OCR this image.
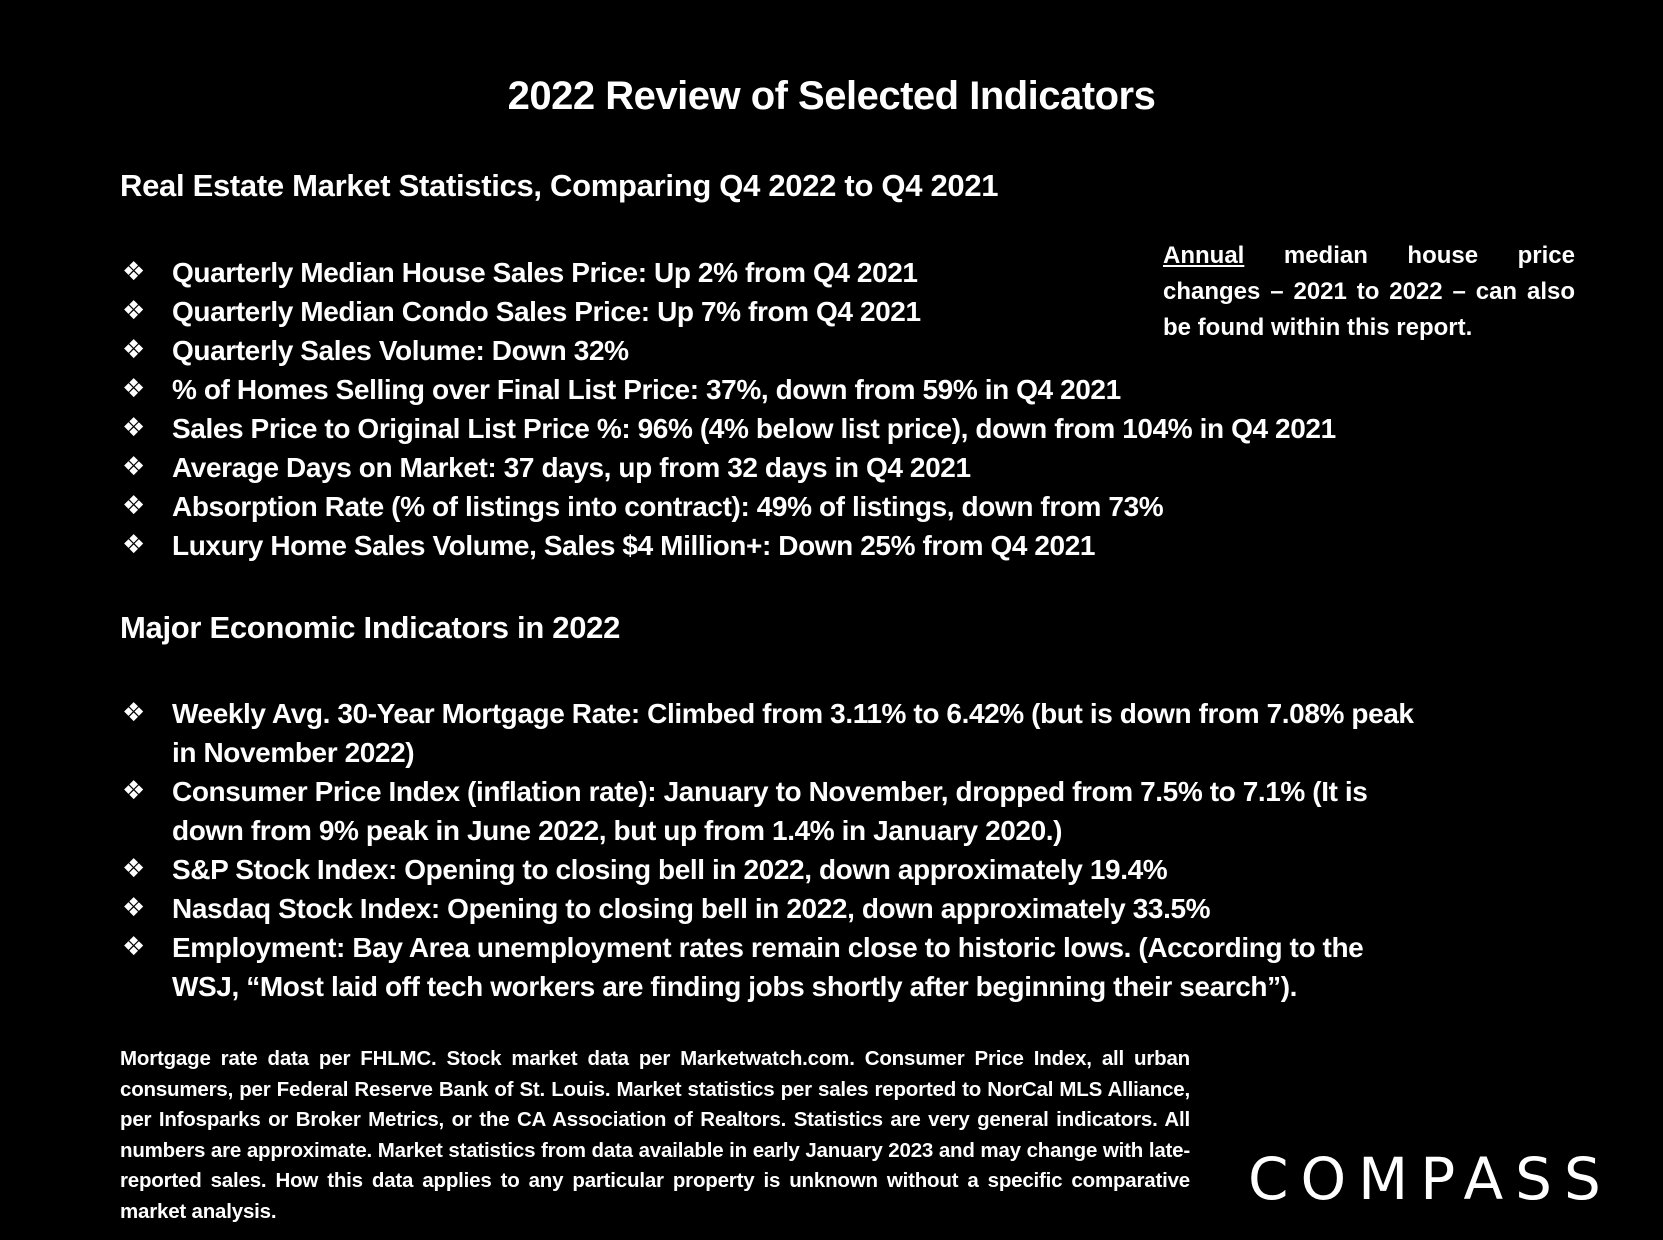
2022 Review of Selected Indicators
Real Estate Market Statistics, Comparing Q4 2022 to Q4 2021
❖ Quarterly Median House Sales Price: Up 2% from Q4 2021
❖ Quarterly Median Condo Sales Price: Up 7% from Q4 2021
❖ Quarterly Sales Volume: Down 32%
❖ % of Homes Selling over Final List Price: 37%, down from 59% in Q4 2021
❖ Sales Price to Original List Price %: 96% (4% below list price), down from 104% in Q4 2021
❖ Average Days on Market: 37 days, up from 32 days in Q4 2021
❖ Absorption Rate (% of listings into contract): 49% of listings, down from 73%
❖ Luxury Home Sales Volume, Sales $4 Million+: Down 25% from Q4 2021
Annual median house price changes – 2021 to 2022 – can also be found within this report.
Major Economic Indicators in 2022
❖ Weekly Avg. 30-Year Mortgage Rate: Climbed from 3.11% to 6.42% (but is down from 7.08% peak in November 2022)
❖ Consumer Price Index (inflation rate): January to November, dropped from 7.5% to 7.1% (It is down from 9% peak in June 2022, but up from 1.4% in January 2020.)
❖ S&P Stock Index: Opening to closing bell in 2022, down approximately 19.4%
❖ Nasdaq Stock Index: Opening to closing bell in 2022, down approximately 33.5%
❖ Employment: Bay Area unemployment rates remain close to historic lows. (According to the WSJ, “Most laid off tech workers are finding jobs shortly after beginning their search”).
Mortgage rate data per FHLMC. Stock market data per Marketwatch.com. Consumer Price Index, all urban consumers, per Federal Reserve Bank of St. Louis. Market statistics per sales reported to NorCal MLS Alliance, per Infosparks or Broker Metrics, or the CA Association of Realtors. Statistics are very general indicators. All numbers are approximate. Market statistics from data available in early January 2023 and may change with late-reported sales. How this data applies to any particular property is unknown without a specific comparative market analysis.	COMPASS
